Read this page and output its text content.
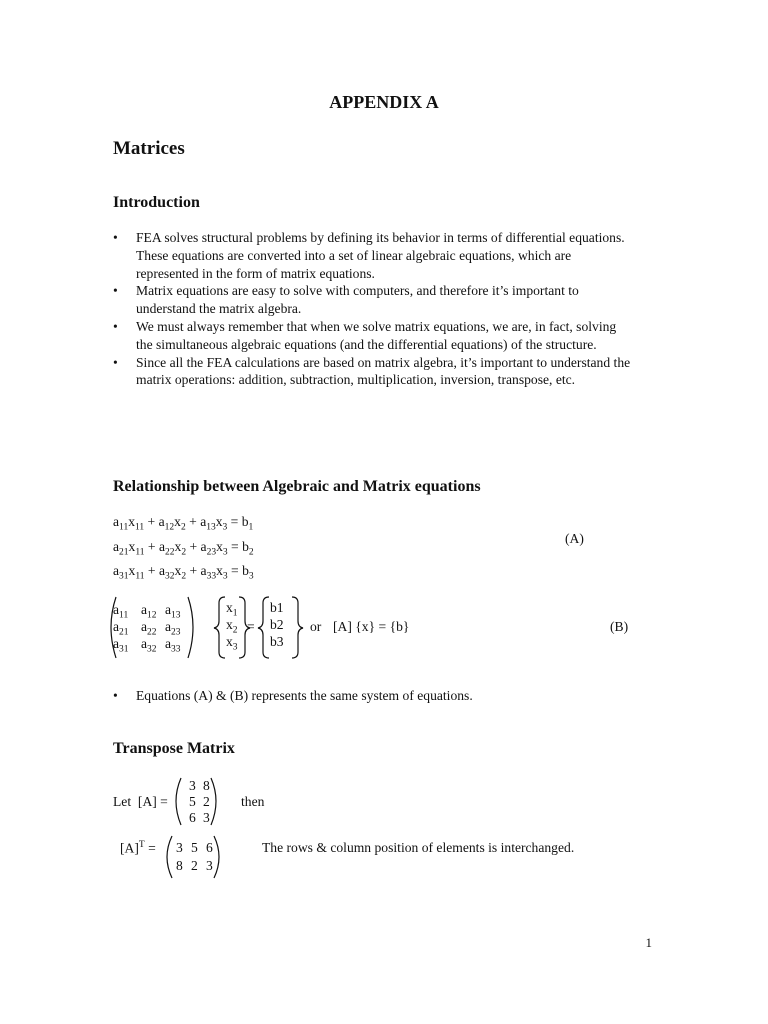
APPENDIX A
Matrices
Introduction
• FEA solves structural problems by defining its behavior in terms of differential equations. These equations are converted into a set of linear algebraic equations, which are represented in the form of matrix equations.
• Matrix equations are easy to solve with computers, and therefore it’s important to understand the matrix algebra.
• We must always remember that when we solve matrix equations, we are, in fact, solving the simultaneous algebraic equations (and the differential equations) of the structure.
• Since all the FEA calculations are based on matrix algebra, it’s important to understand the matrix operations: addition, subtraction, multiplication, inversion, transpose, etc.
Relationship between Algebraic and Matrix equations
$a_{11}x_{11} + a_{12}x_2 + a_{13}x_3 = b_1$
$a_{21}x_{11} + a_{22}x_2 + a_{23}x_3 = b_2$
$a_{31}x_{11} + a_{32}x_2 + a_{33}x_3 = b_3$
(A)
$a_{11}$ $a_{12}$ $a_{13}$
$a_{21}$ $a_{22}$ $a_{23}$
$a_{31}$ $a_{32}$ $a_{33}$
$x_1$
$x_2$
$x_3$
=
b1
b2
b3
or [A] {x} = {b}	(B)
• Equations (A) & (B) represents the same system of equations.
Transpose Matrix
Let  [A] =
3 8
5 2
6 3
then
$[A]^T = 3$ 5 6
8 2 3
The rows & column position of elements is interchanged.
1
